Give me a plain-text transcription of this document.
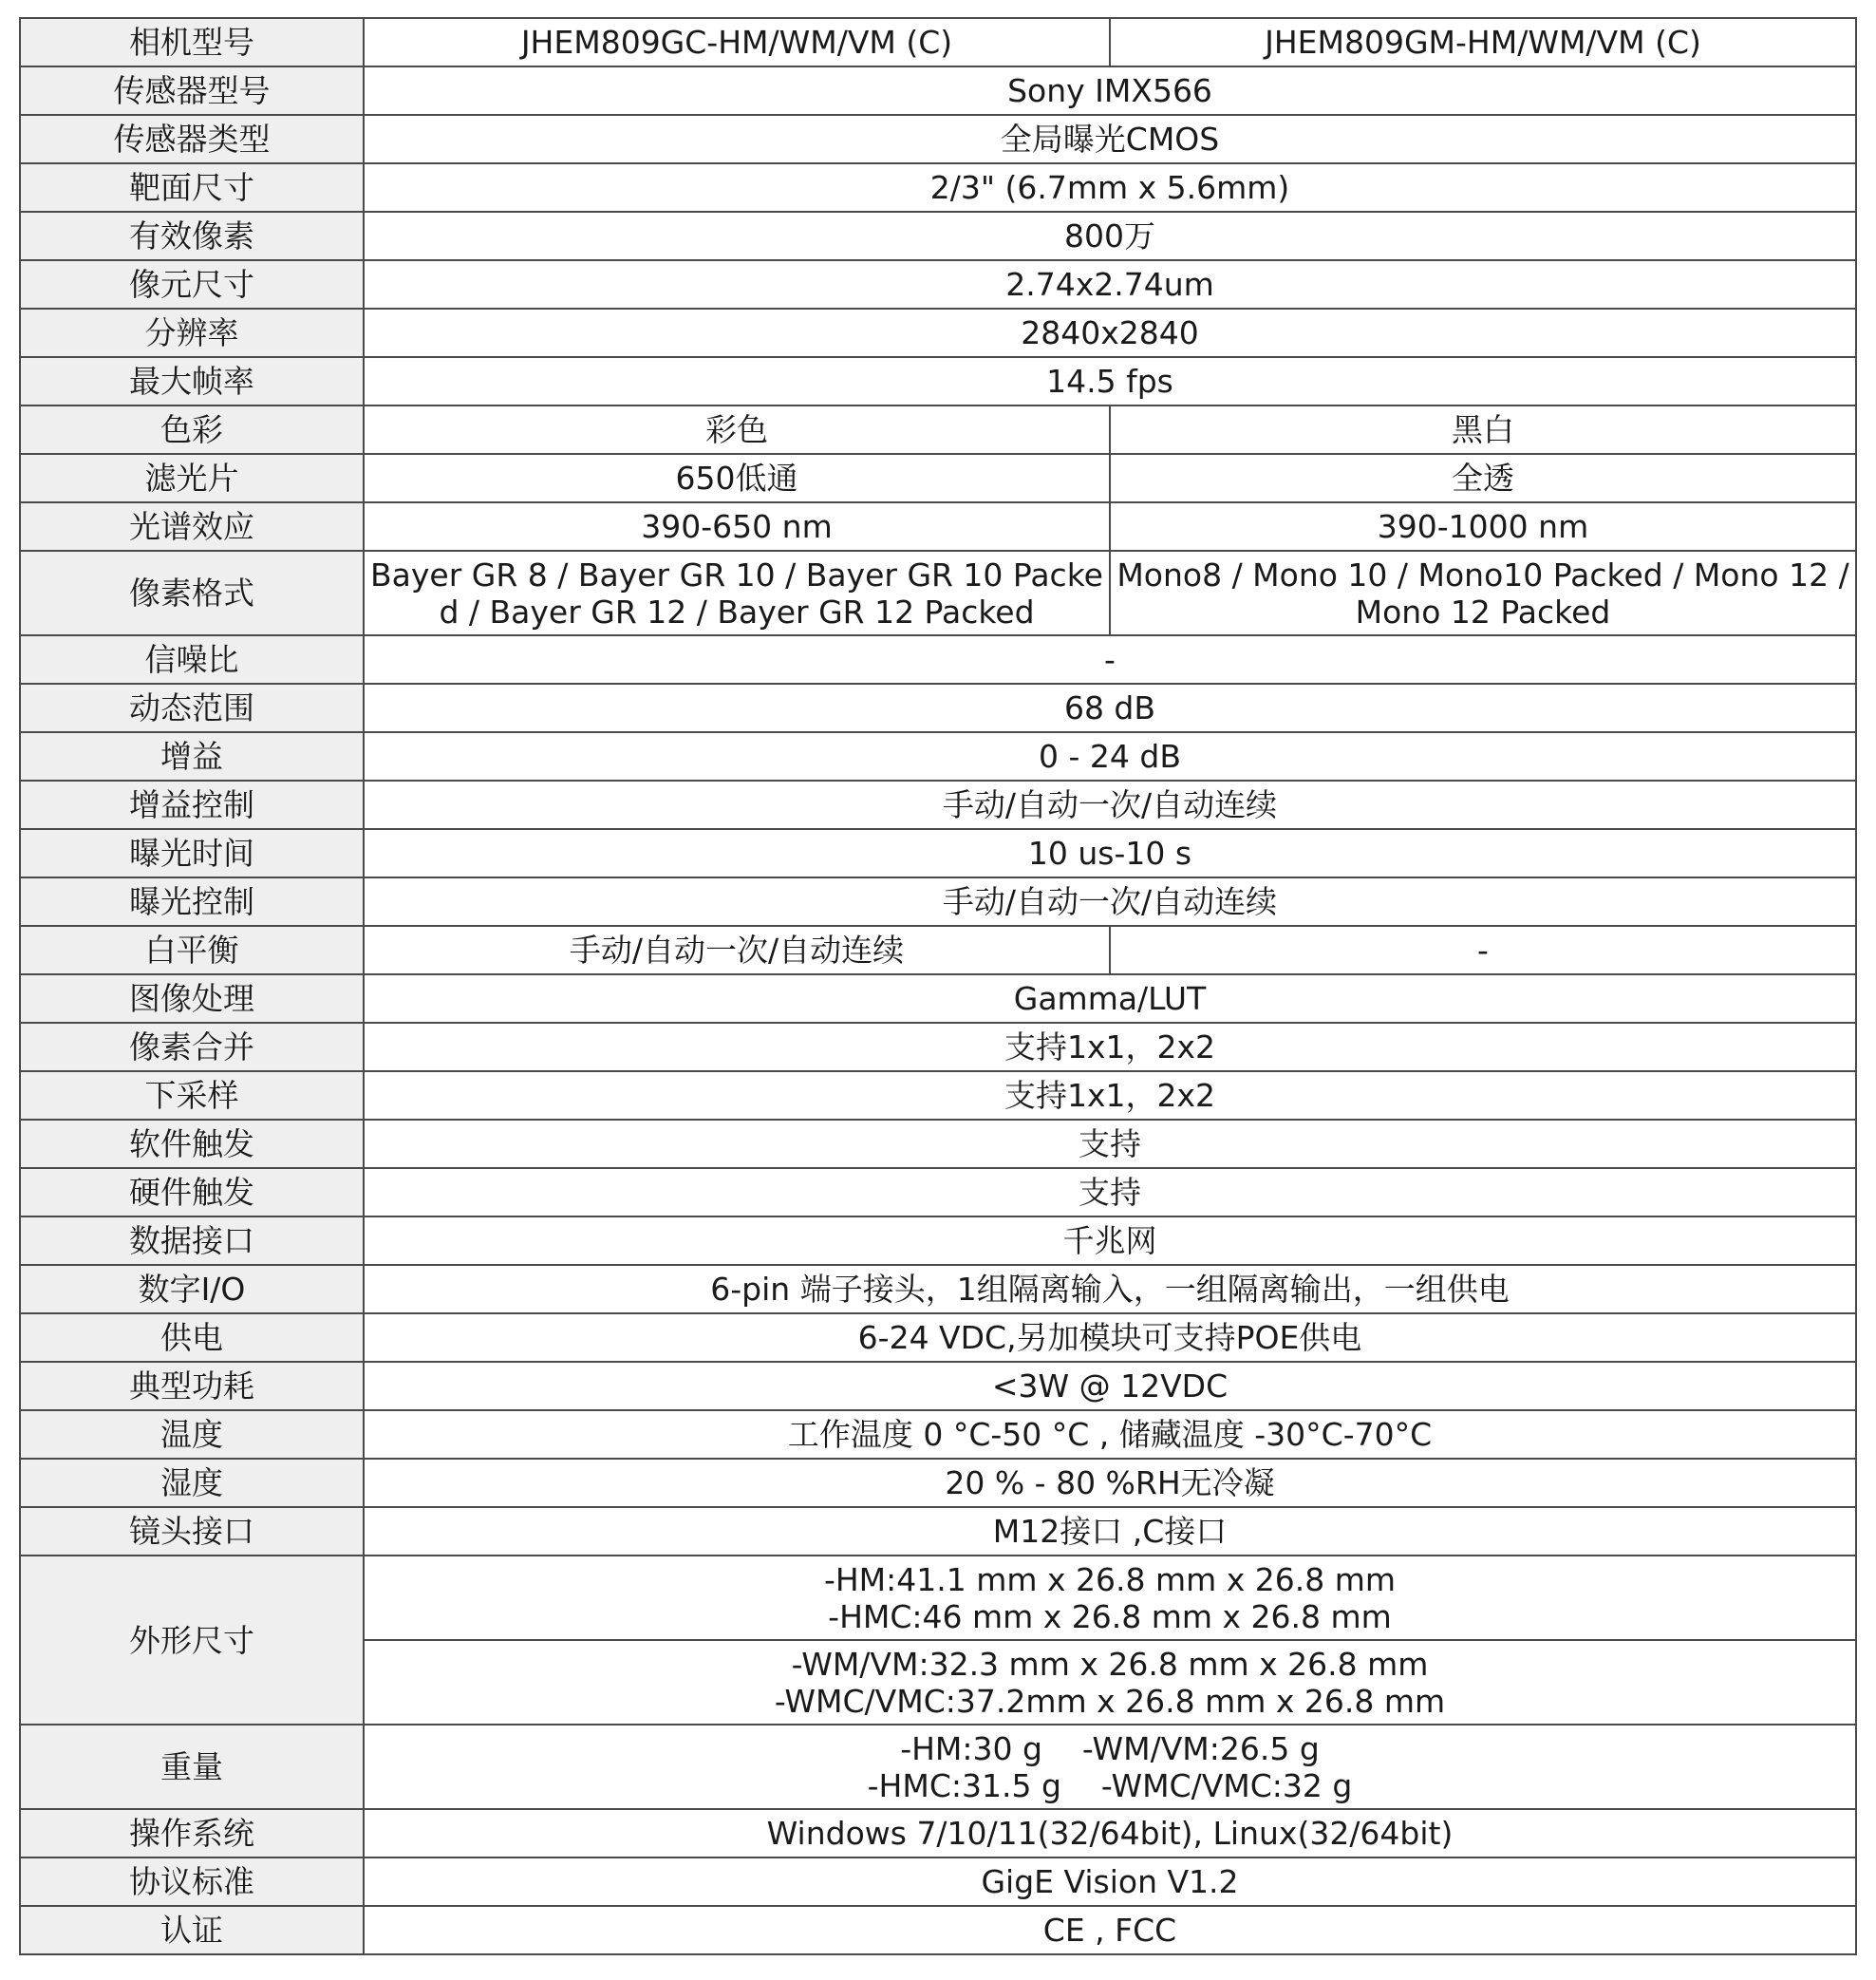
相机型号	JHEM809GC-HM/WM/VM (C)	JHEM809GM-HM/WM/VM (C)
传感器型号	Sony IMX566	
传感器类型	全局曝光CMOS	
靶面尺寸	2/3" (6.7mm x 5.6mm)	
有效像素	800万	
像元尺寸	2.74x2.74um	
分辨率	2840x2840	
最大帧率	14.5 fps	
色彩	彩色	黑白
滤光片	650低通	全透
光谱效应	390-650 nm	390-1000 nm
像素格式	Bayer GR 8 / Bayer GR 10 / Bayer GR 10 Packed / Bayer GR 12 / Bayer GR 12 Packed	Mono8 / Mono 10 / Mono10 Packed / Mono 12 / Mono 12 Packed
信噪比	-	
动态范围	68 dB	
增益	0 - 24 dB	
增益控制	手动/自动一次/自动连续	
曝光时间	10 us-10 s	
曝光控制	手动/自动一次/自动连续	
白平衡	手动/自动一次/自动连续	-
图像处理	Gamma/LUT	
像素合并	支持1x1，2x2	
下采样	支持1x1，2x2	
软件触发	支持	
硬件触发	支持	
数据接口	千兆网	
数字I/O	6-pin 端子接头，1组隔离输入，一组隔离输出，一组供电	
供电	6-24 VDC,另加模块可支持POE供电	
典型功耗	<3W @ 12VDC	
温度	工作温度 0 °C-50 °C , 储藏温度 -30°C-70°C	
湿度	20 % - 80 %RH无冷凝	
镜头接口	M12接口 ,C接口	
外形尺寸	-HM:41.1 mm x 26.8 mm x 26.8 mm
-HMC:46 mm x 26.8 mm x 26.8 mm	

	-WM/VM:32.3 mm x 26.8 mm x 26.8 mm
-WMC/VMC:37.2mm x 26.8 mm x 26.8 mm	

重量	-HM:30 g    -WM/VM:26.5 g
-HMC:31.5 g    -WMC/VMC:32 g	

操作系统	Windows 7/10/11(32/64bit), Linux(32/64bit)	
协议标准	GigE Vision V1.2	
认证	CE , FCC	
